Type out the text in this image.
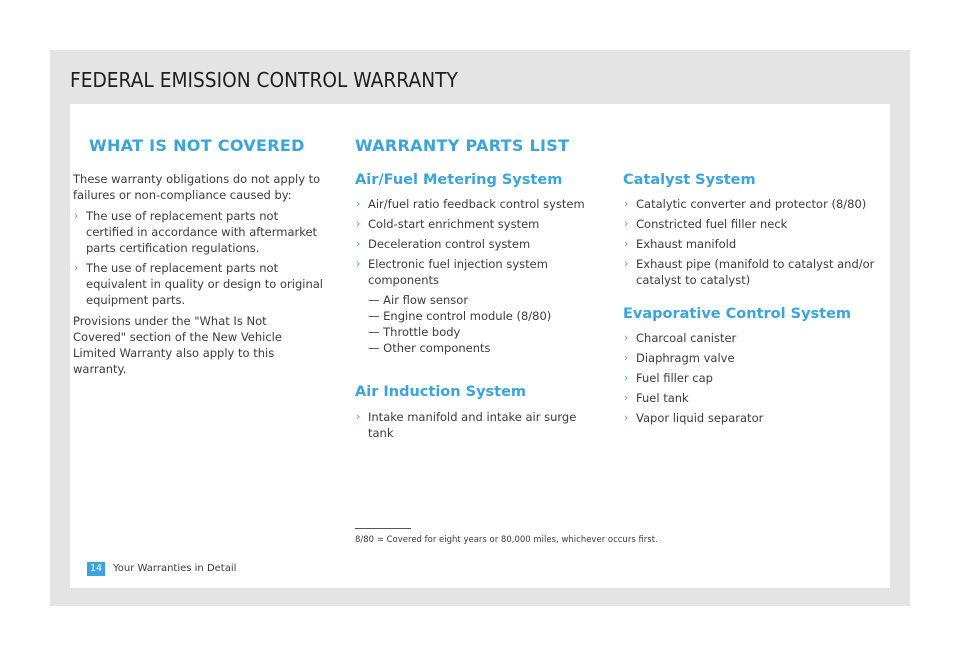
FEDERAL EMISSION CONTROL WARRANTY
WHAT IS NOT COVERED
These warranty obligations do not apply to failures or non-compliance caused by:
› The use of replacement parts not certified in accordance with aftermarket parts certification regulations.
› The use of replacement parts not equivalent in quality or design to original equipment parts.
Provisions under the "What Is Not Covered" section of the New Vehicle Limited Warranty also apply to this warranty.
WARRANTY PARTS LIST
Air/Fuel Metering System
› Air/fuel ratio feedback control system
› Cold-start enrichment system
› Deceleration control system
› Electronic fuel injection system components
— Air flow sensor
— Engine control module (8/80)
— Throttle body
— Other components
Air Induction System
› Intake manifold and intake air surge tank
Catalyst System
› Catalytic converter and protector (8/80)
› Constricted fuel filler neck
› Exhaust manifold
› Exhaust pipe (manifold to catalyst and/or catalyst to catalyst)
Evaporative Control System
› Charcoal canister
› Diaphragm valve
› Fuel filler cap
› Fuel tank
› Vapor liquid separator
8/80 = Covered for eight years or 80,000 miles, whichever occurs first.
14 Your Warranties in Detail
